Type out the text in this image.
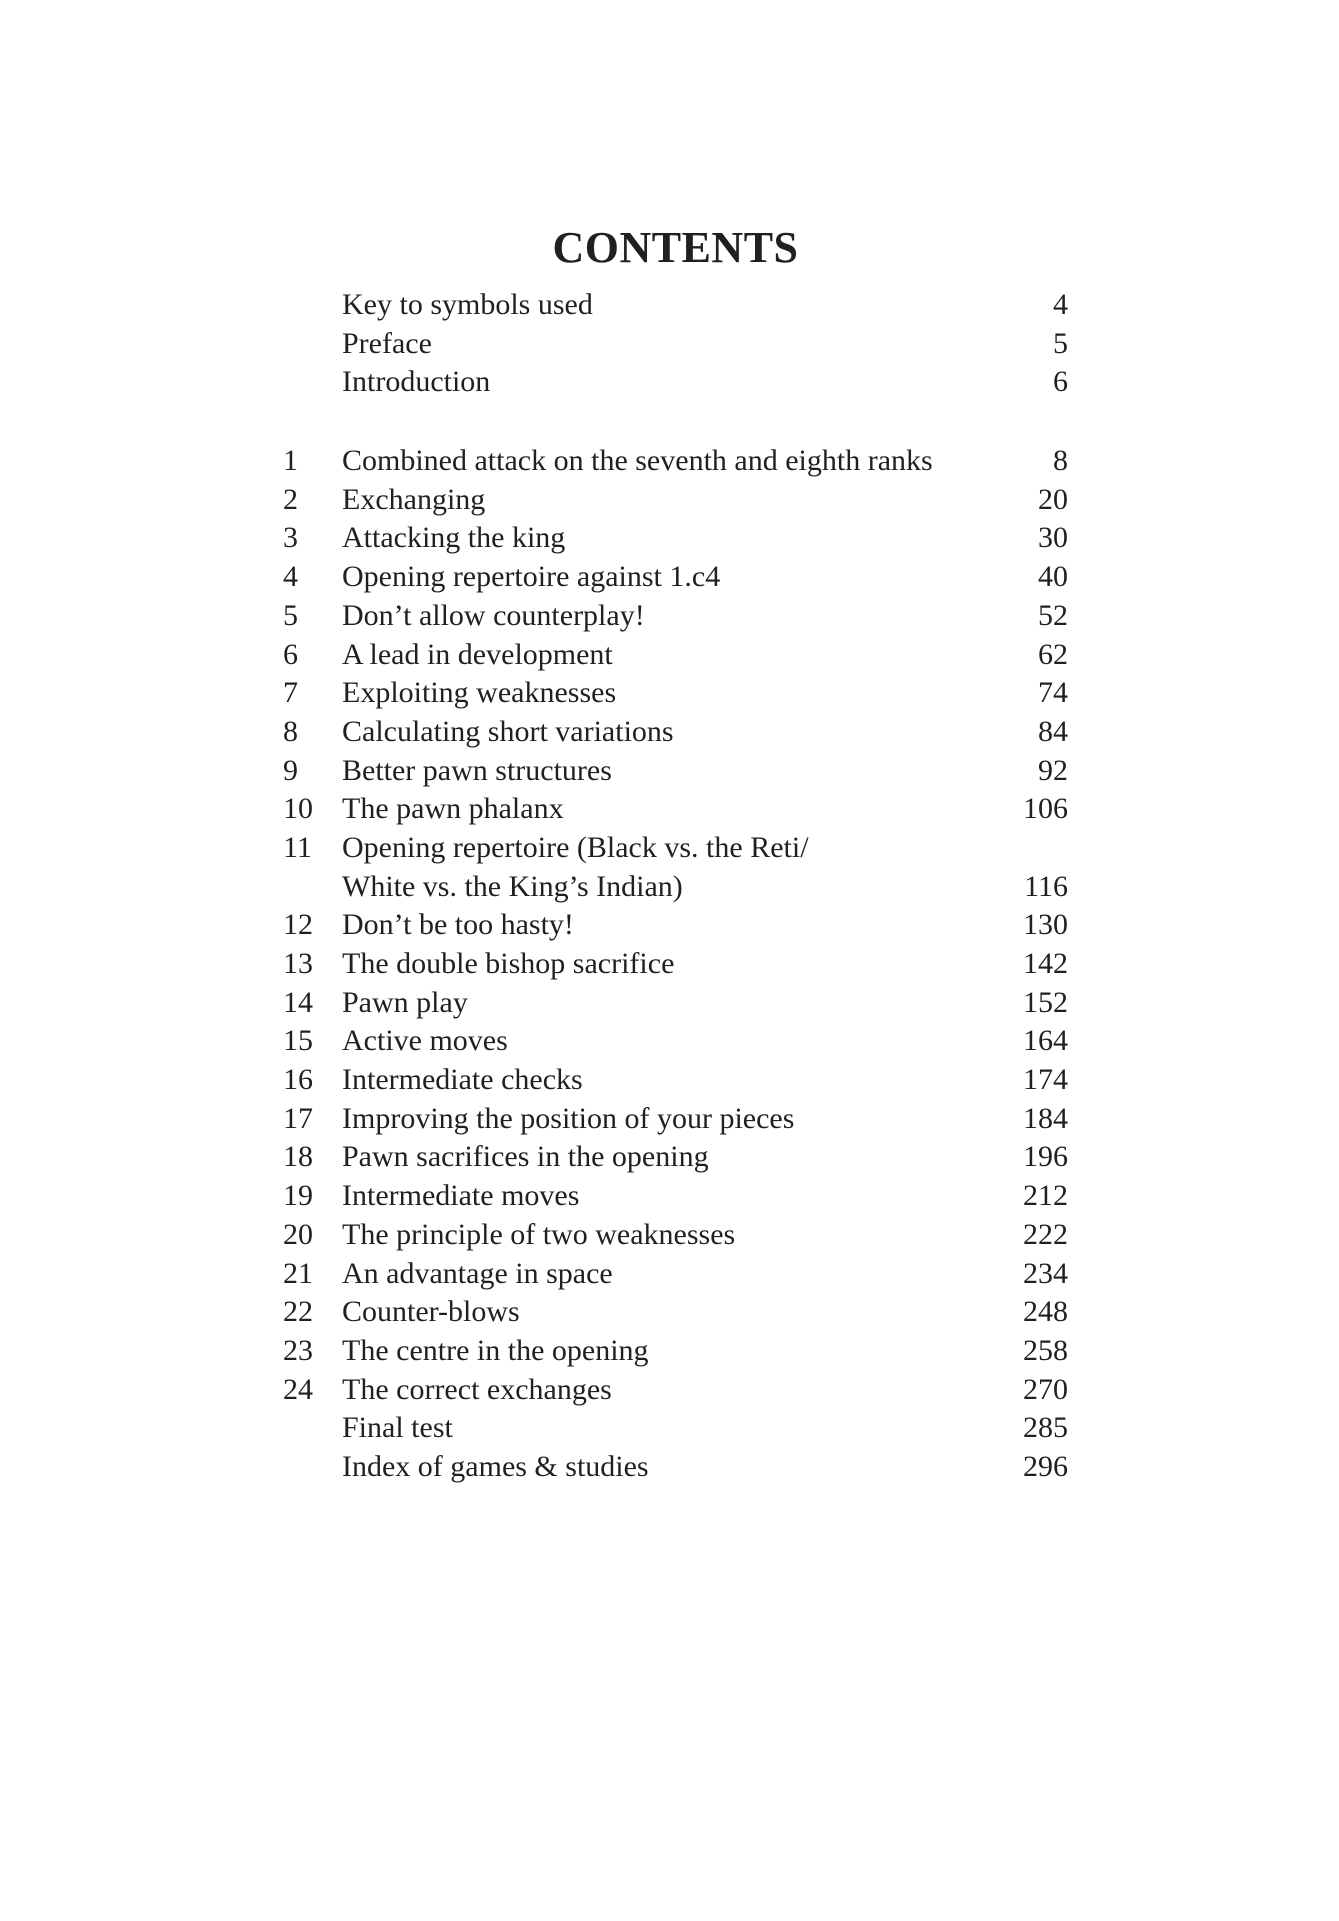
CONTENTS
Key to symbols used	4
Preface	5
Introduction	6
1	Combined attack on the seventh and eighth ranks	8
2	Exchanging	20
3	Attacking the king	30
4	Opening repertoire against 1.c4	40
5	Don’t allow counterplay!	52
6	A lead in development	62
7	Exploiting weaknesses	74
8	Calculating short variations	84
9	Better pawn structures	92
10 The pawn phalanx	106
11	Opening repertoire (Black vs. the Reti/
White vs. the King’s Indian)	116
12 Don’t be too hasty!	130
13 The double bishop sacrifice	142
14 Pawn play	152
15 Active moves	164
16 Intermediate checks	174
17 Improving the position of your pieces	184
18 Pawn sacrifices in the opening	196
19 Intermediate moves	212
20 The principle of two weaknesses	222
21 An advantage in space	234
22 Counter-blows	248
23 The centre in the opening	258
24 The correct exchanges	270
Final test	285
Index of games & studies	296
